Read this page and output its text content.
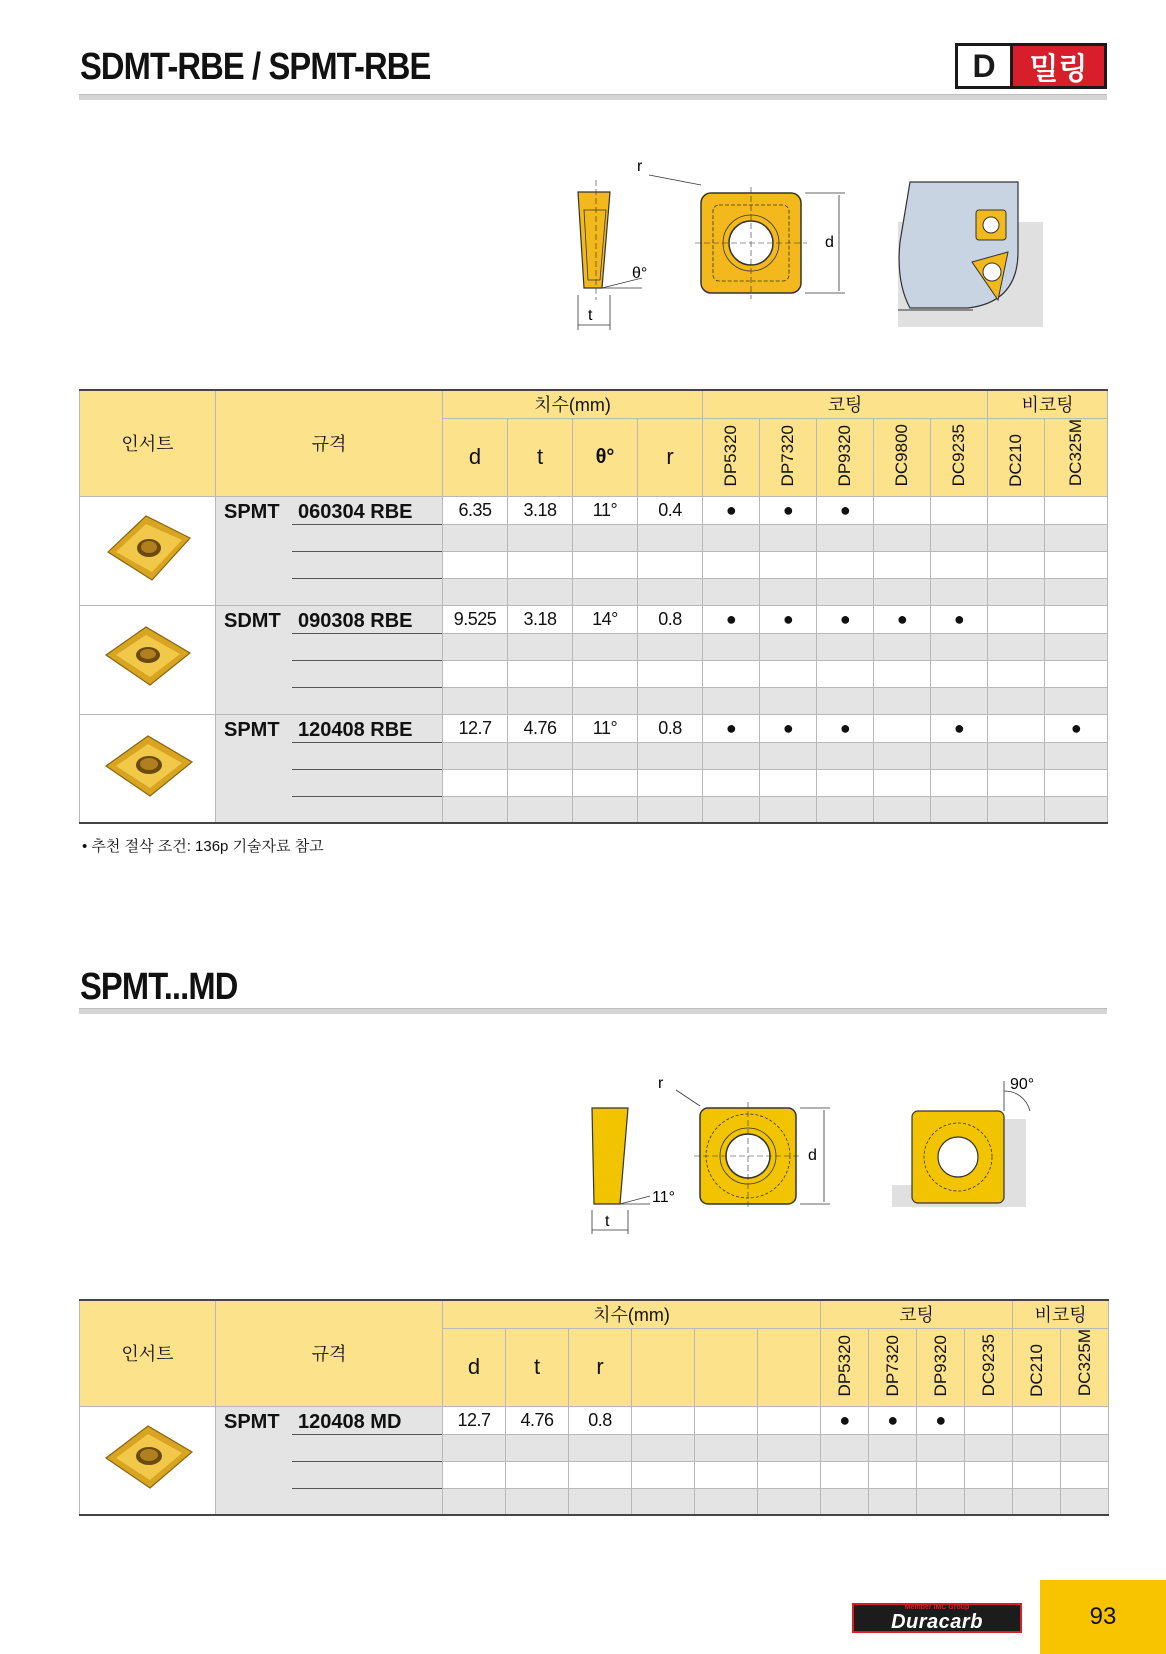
SDMT-RBE / SPMT-RBE	D	밀링
t
θ°
d
r
인서트	규격	치수(mm)				코팅					비코팅	
		d	t	θ°	r	DP5320	DP7320	DP9320	DC9800	DC9235	DC210	DC325M

SPMT 060304 RBE	6.35	3.18	11°	0.4	●	●	●				

SDMT 090308 RBE	9.525	3.18	14°	0.8	●	●	●	●	●		

SPMT 120408 RBE	12.7	4.76	11°	0.8	●	●	●		●		●

• 추천 절삭 조건: 136p 기술자료 참고
SPMT...MD
t
11°
d
r	90°
인서트	규격	치수(mm)						코팅				비코팅	
		d	t	r				DP5320	DP7320	DP9320	DC9235	DC210	DC325M

SPMT 120408 MD	12.7	4.76	0.8				●	●	●			

Member IMC Group
Duracarb	93
